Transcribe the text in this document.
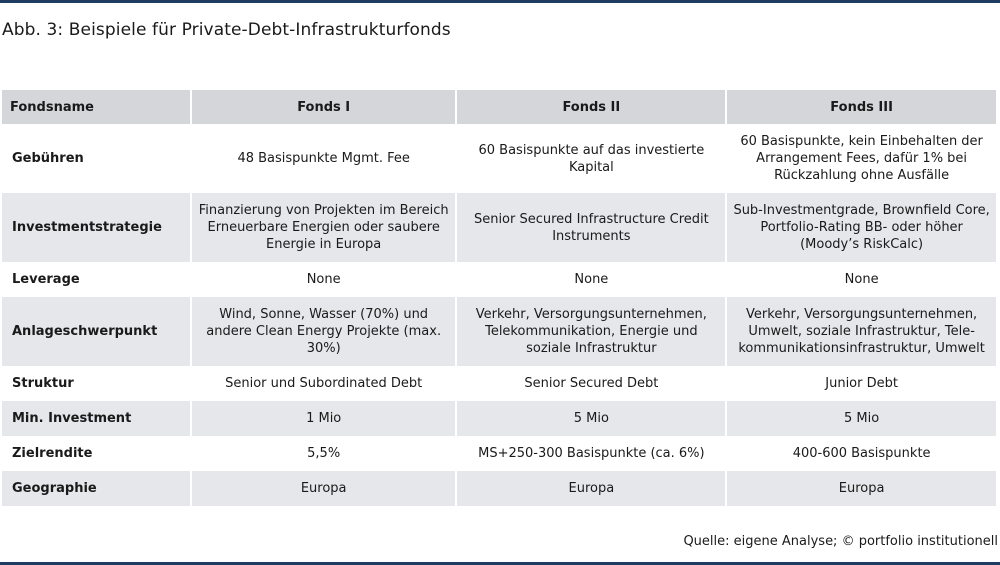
Abb. 3: Beispiele für Private-Debt-Infrastrukturfonds
Fondsname	Fonds I	Fonds II	Fonds III
Gebühren	48 Basispunkte Mgmt. Fee	60 Basispunkte auf das investierte Kapital	60 Basispunkte, kein Einbehalten der Arrangement Fees, dafür 1% bei Rückzahlung ohne Ausfälle
Investmentstrategie	Finanzierung von Projekten im Bereich Erneuerbare Energien oder saubere Energie in Europa	Senior Secured Infrastructure Credit Instruments	Sub-Investmentgrade, Brownfield Core, Portfolio-Rating BB- oder höher (Moody’s RiskCalc)
Leverage	None	None	None
Anlageschwerpunkt	Wind, Sonne, Wasser (70%) und andere Clean Energy Projekte (max. 30%)	Verkehr, Versorgungsunternehmen, Telekommunikation, Energie und soziale Infrastruktur	Verkehr, Versorgungsunternehmen, Umwelt, soziale Infrastruktur, Tele-kommunikationsinfrastruktur, Umwelt
Struktur	Senior und Subordinated Debt	Senior Secured Debt	Junior Debt
Min. Investment	1 Mio	5 Mio	5 Mio
Zielrendite	5,5%	MS+250-300 Basispunkte (ca. 6%)	400-600 Basispunkte
Geographie	Europa	Europa	Europa
Quelle: eigene Analyse; © portfolio institutionell
